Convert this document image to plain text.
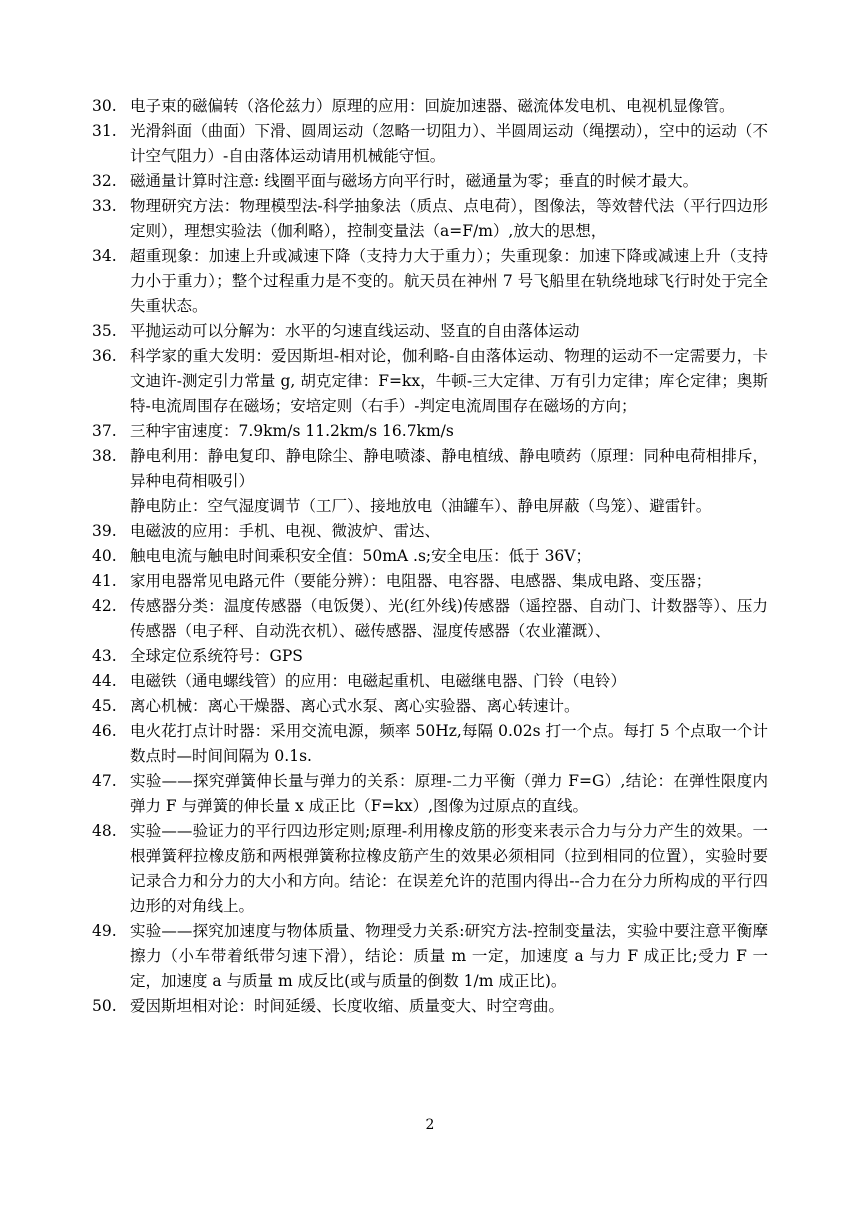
30. 电子束的磁偏转（洛伦兹力）原理的应用：回旋加速器、磁流体发电机、电视机显像管。
31. 光滑斜面（曲面）下滑、圆周运动（忽略一切阻力）、半圆周运动（绳摆动），空中的运动（不计空气阻力）-自由落体运动请用机械能守恒。
32. 磁通量计算时注意: 线圈平面与磁场方向平行时，磁通量为零；垂直的时候才最大。
33. 物理研究方法：物理模型法-科学抽象法（质点、点电荷），图像法，等效替代法（平行四边形定则），理想实验法（伽利略），控制变量法（a=F/m）,放大的思想，
34. 超重现象：加速上升或减速下降（支持力大于重力）；失重现象：加速下降或减速上升（支持力小于重力）；整个过程重力是不变的。航天员在神州 7 号飞船里在轨绕地球飞行时处于完全失重状态。
35. 平抛运动可以分解为：水平的匀速直线运动、竖直的自由落体运动
36. 科学家的重大发明：爱因斯坦-相对论，伽利略-自由落体运动、物理的运动不一定需要力，卡文迪许-测定引力常量 g, 胡克定律：F=kx，牛顿-三大定律、万有引力定律；库仑定律；奥斯特-电流周围存在磁场；安培定则（右手）-判定电流周围存在磁场的方向；
37. 三种宇宙速度：7.9km/s 11.2km/s 16.7km/s
38. 静电利用：静电复印、静电除尘、静电喷漆、静电植绒、静电喷药（原理：同种电荷相排斥，异种电荷相吸引）
静电防止：空气湿度调节（工厂）、接地放电（油罐车）、静电屏蔽（鸟笼）、避雷针。
39. 电磁波的应用：手机、电视、微波炉、雷达、
40. 触电电流与触电时间乘积安全值：50mA .s;安全电压：低于 36V；
41. 家用电器常见电路元件（要能分辨）：电阻器、电容器、电感器、集成电路、变压器；
42. 传感器分类：温度传感器（电饭煲）、光(红外线)传感器（遥控器、自动门、计数器等）、压力传感器（电子秤、自动洗衣机）、磁传感器、湿度传感器（农业灌溉）、
43. 全球定位系统符号：GPS
44. 电磁铁（通电螺线管）的应用：电磁起重机、电磁继电器、门铃（电铃）
45. 离心机械：离心干燥器、离心式水泵、离心实验器、离心转速计。
46. 电火花打点计时器：采用交流电源，频率 50Hz,每隔 0.02s 打一个点。每打 5 个点取一个计数点时—时间间隔为 0.1s.
47. 实验——探究弹簧伸长量与弹力的关系：原理-二力平衡（弹力 F=G）,结论：在弹性限度内弹力 F 与弹簧的伸长量 x 成正比（F=kx）,图像为过原点的直线。
48. 实验——验证力的平行四边形定则;原理-利用橡皮筋的形变来表示合力与分力产生的效果。一根弹簧秤拉橡皮筋和两根弹簧称拉橡皮筋产生的效果必须相同（拉到相同的位置），实验时要记录合力和分力的大小和方向。结论：在误差允许的范围内得出--合力在分力所构成的平行四边形的对角线上。
49. 实验——探究加速度与物体质量、物理受力关系:研究方法-控制变量法，实验中要注意平衡摩擦力（小车带着纸带匀速下滑），结论：质量 m 一定，加速度 a 与力 F 成正比;受力 F 一定，加速度 a 与质量 m 成反比(或与质量的倒数 1/m 成正比)。
50. 爱因斯坦相对论：时间延缓、长度收缩、质量变大、时空弯曲。
2
